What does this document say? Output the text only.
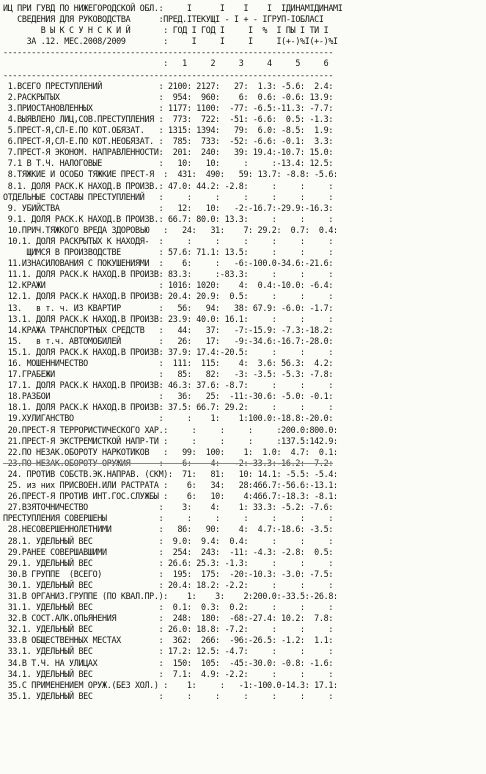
ИЦ ПРИ ГУВД ПО НИЖЕГОРОДСКОЙ ОБЛ.:     I      I    I    I  IДИНАМIДИНАМI
СВЕДЕНИЯ ДЛЯ РУКОВОДСТВА      :ПРЕД.IТЕКУЩI - I + - IГРУП-IОБЛАСI
В Ы К С У Н С К И Й       : ГОД I ГОД I     I  %  I ПЫ I ТИ I
ЗА .12. МЕС.2008/2009        :     I     I     I     I(+-)%I(+-)%I
----------------------------------------------------------------------
:   1     2     3     4     5     6
----------------------------------------------------------------------
1.ВСЕГО ПРЕСТУПЛЕНИЙ            : 2100: 2127:   27:  1.3: -5.6:  2.4:
2.РАСКРЫТЫХ                     :  954:  960:    6:  0.6: -0.6: 13.9:
3.ПРИОСТАНОВЛЕННЫХ              : 1177: 1100:  -77: -6.5:-11.3: -7.7:
4.ВЫЯВЛЕНО ЛИЦ,СОВ.ПРЕСТУПЛЕНИЯ :  773:  722:  -51: -6.6:  0.5: -1.3:
5.ПРЕСТ-Я,СЛ-Е.ПО КОТ.ОБЯЗАТ.   : 1315: 1394:   79:  6.0: -8.5:  1.9:
6.ПРЕСТ-Я,СЛ-Е.ПО КОТ.НЕОБЯЗАТ. :  785:  733:  -52: -6.6: -0.1:  3.3:
7.ПРЕСТ-Я ЭКОНОМ. НАПРАВЛЕННОСТИ:  201:  240:   39: 19.4:-10.7: 15.0:
7.1 В Т.Ч. НАЛОГОВЫЕ            :   10:   10:     :     :-13.4: 12.5:
8.ТЯЖКИЕ И ОСОБО ТЯЖКИЕ ПРЕСТ-Я  :  431:  490:   59: 13.7: -8.8: -5.6:
8.1. ДОЛЯ РАСК.К НАХОД.В ПРОИЗВ.: 47.0: 44.2: -2.8:     :     :     :
ОТДЕЛЬНЫЕ СОСТАВЫ ПРЕСТУПЛЕНИЙ   :     :     :     :     :     :     :
9. УБИЙСТВА                     :   12:   10:   -2:-16.7:-29.9:-16.3:
9.1. ДОЛЯ РАСК.К НАХОД.В ПРОИЗВ.: 66.7: 80.0: 13.3:     :     :     :
10.ПРИЧ.ТЯЖКОГО ВРЕДА ЗДОРОВЬЮ   :   24:   31:    7: 29.2:  0.7:  0.4:
10.1. ДОЛЯ РАСКРЫТЫХ К НАХОДЯ-  :     :     :     :     :     :     :
ЩИМСЯ В ПРОИЗВОДСТВЕ        : 57.6: 71.1: 13.5:     :     :     :
11.ИЗНАСИЛОВАНИЯ С ПОКУШЕНИЯМИ  :    6:     :   -6:-100.0-34.6:-21.6:
11.1. ДОЛЯ РАСК.К НАХОД.В ПРОИЗВ: 83.3:     :-83.3:     :     :     :
12.КРАЖИ                        : 1016: 1020:    4:  0.4:-10.0: -6.4:
12.1. ДОЛЯ РАСК.К НАХОД.В ПРОИЗВ: 20.4: 20.9:  0.5:     :     :     :
13.   в т. ч. ИЗ КВАРТИР        :   56:   94:   38: 67.9: -6.0: -1.7:
13.1. ДОЛЯ РАСК.К НАХОД.В ПРОИЗВ: 23.9: 40.0: 16.1:     :     :     :
14.КРАЖА ТРАНСПОРТНЫХ СРЕДСТВ   :   44:   37:   -7:-15.9: -7.3:-18.2:
15.   в т.ч. АВТОМОБИЛЕЙ        :   26:   17:   -9:-34.6:-16.7:-28.0:
15.1. ДОЛЯ РАСК.К НАХОД.В ПРОИЗВ: 37.9: 17.4:-20.5:     :     :     :
16. МОШЕННИЧЕСТВО               :  111:  115:    4:  3.6: 56.3:  4.2:
17.ГРАБЕЖИ                      :   85:   82:   -3: -3.5: -5.3: -7.8:
17.1. ДОЛЯ РАСК.К НАХОД.В ПРОИЗВ: 46.3: 37.6: -8.7:     :     :     :
18.РАЗБОИ                       :   36:   25:  -11:-30.6: -5.0: -0.1:
18.1. ДОЛЯ РАСК.К НАХОД.В ПРОИЗВ: 37.5: 66.7: 29.2:     :     :     :
19.ХУЛИГАНСТВО                  :     :    1:    1:100.0:-18.8:-20.0:
20.ПРЕСТ-Я ТЕРРОРИСТИЧЕСКОГО ХАР.:     :     :     :     :200.0:800.0:
21.ПРЕСТ-Я ЭКСТРЕМИСТКОЙ НАПР-ТИ :     :     :     :     :137.5:142.9:
22.ПО НЕЗАК.ОБОРОТУ НАРКОТИКОВ   :   99:  100:    1:  1.0:  4.7:  0.1:
23.ПО НЕЗАК.ОБОРОТУ ОРУЖИЯ      :    6:    4:   -2:-33.3:-16.2:  7.2:
24. ПРОТИВ СОБСТВ.ЭК.НАПРАВ. (СКМ):  71:   81:   10: 14.1: -5.5: -5.4:
25. из них ПРИСВОЕН.ИЛИ РАСТРАТА :    6:   34:   28:466.7:-56.6:-13.1:
26.ПРЕСТ-Я ПРОТИВ ИНТ.ГОС.СЛУЖБЫ :    6:   10:    4:466.7:-18.3: -8.1:
27.ВЗЯТОЧНИЧЕСТВО               :    3:    4:    1: 33.3: -5.2: -7.6:
ПРЕСТУПЛЕНИЯ СОВЕРШЕНЫ           :     :     :     :     :     :     :
28.НЕСОВЕРШЕННОЛЕТНИМИ          :   86:   90:    4:  4.7:-18.6: -3.5:
28.1. УДЕЛЬНЫЙ ВЕС              :  9.0:  9.4:  0.4:     :     :     :
29.РАНЕЕ СОВЕРШАВШИМИ           :  254:  243:  -11: -4.3: -2.8:  0.5:
29.1. УДЕЛЬНЫЙ ВЕС              : 26.6: 25.3: -1.3:     :     :     :
30.В ГРУППЕ  (ВСЕГО)            :  195:  175:  -20:-10.3: -3.0: -7.5:
30.1. УДЕЛЬНЫЙ ВЕС              : 20.4: 18.2: -2.2:     :     :     :
31.В ОРГАНИЗ.ГРУППЕ (ПО КВАЛ.ПР.):    1:    3:    2:200.0:-33.5:-26.8:
31.1. УДЕЛЬНЫЙ ВЕС              :  0.1:  0.3:  0.2:     :     :     :
32.В СОСТ.АЛК.ОПЬЯНЕНИЯ         :  248:  180:  -68:-27.4: 10.2:  7.8:
32.1. УДЕЛЬНЫЙ ВЕС              : 26.0: 18.8: -7.2:     :     :     :
33.В ОБЩЕСТВЕННЫХ МЕСТАХ        :  362:  266:  -96:-26.5: -1.2:  1.1:
33.1. УДЕЛЬНЫЙ ВЕС              : 17.2: 12.5: -4.7:     :     :     :
34.В Т.Ч. НА УЛИЦАХ             :  150:  105:  -45:-30.0: -0.8: -1.6:
34.1. УДЕЛЬНЫЙ ВЕС              :  7.1:  4.9: -2.2:     :     :     :
35.С ПРИМЕНЕНИЕМ ОРУЖ.(БЕЗ ХОЛ.) :    1:     :   -1:-100.0-14.3: 17.1:
35.1. УДЕЛЬНЫЙ ВЕС              :     :     :     :     :     :     :
